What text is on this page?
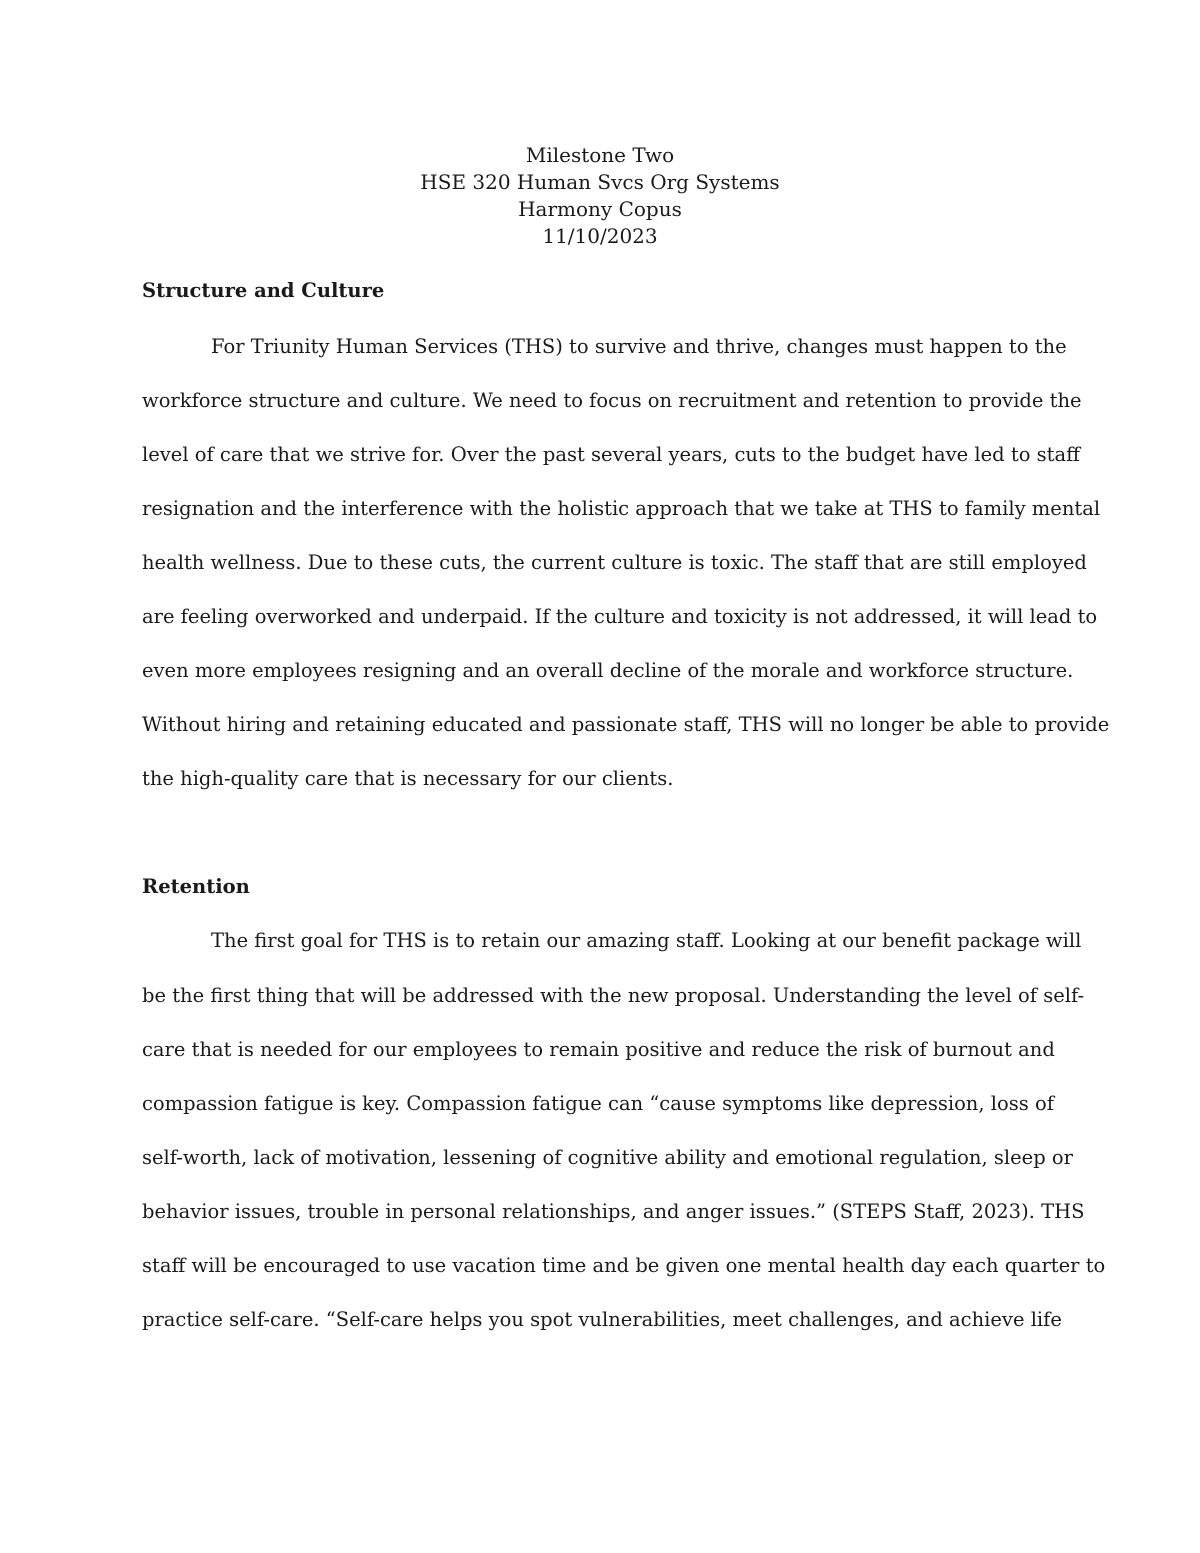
Milestone Two
HSE 320 Human Svcs Org Systems
Harmony Copus
11/10/2023
Structure and Culture
For Triunity Human Services (THS) to survive and thrive, changes must happen to the
workforce structure and culture. We need to focus on recruitment and retention to provide the
level of care that we strive for. Over the past several years, cuts to the budget have led to staff
resignation and the interference with the holistic approach that we take at THS to family mental
health wellness. Due to these cuts, the current culture is toxic. The staff that are still employed
are feeling overworked and underpaid. If the culture and toxicity is not addressed, it will lead to
even more employees resigning and an overall decline of the morale and workforce structure.
Without hiring and retaining educated and passionate staff, THS will no longer be able to provide
the high-quality care that is necessary for our clients.
Retention
The first goal for THS is to retain our amazing staff. Looking at our benefit package will
be the first thing that will be addressed with the new proposal. Understanding the level of self-
care that is needed for our employees to remain positive and reduce the risk of burnout and
compassion fatigue is key. Compassion fatigue can “cause symptoms like depression, loss of
self-worth, lack of motivation, lessening of cognitive ability and emotional regulation, sleep or
behavior issues, trouble in personal relationships, and anger issues.” (STEPS Staff, 2023). THS
staff will be encouraged to use vacation time and be given one mental health day each quarter to
practice self-care. “Self-care helps you spot vulnerabilities, meet challenges, and achieve life
